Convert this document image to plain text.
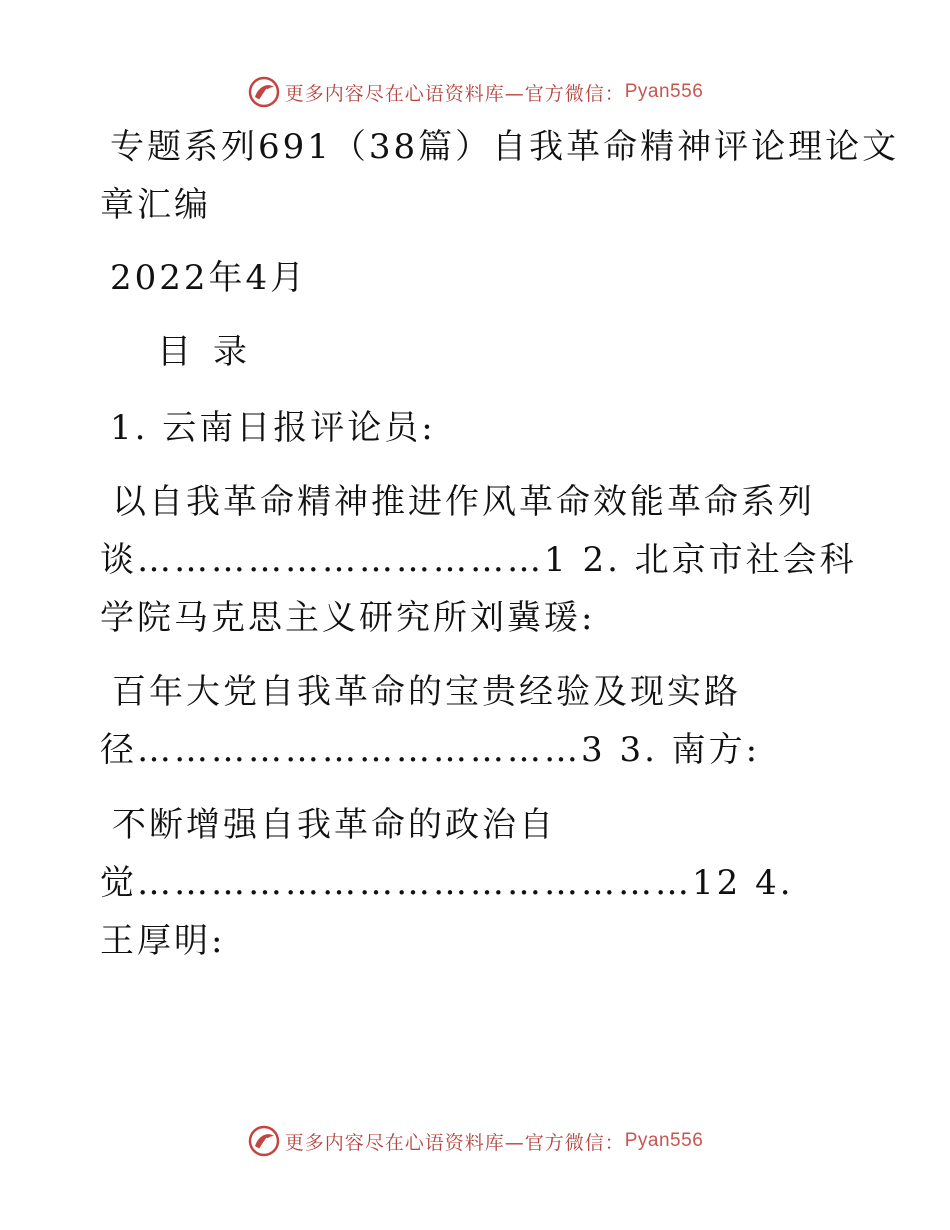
更多内容尽在心语资料库—官方微信： Pyan556
专题系列691（38篇）自我革命精神评论理论文
章汇编
2022年4月
目录
1. 云南日报评论员:
以自我革命精神推进作风革命效能革命系列
谈……………………………1 2. 北京市社会科
学院马克思主义研究所刘冀瑗:
百年大党自我革命的宝贵经验及现实路
径………………………………3 3. 南方:
不断增强自我革命的政治自
觉………………………………………12 4.
王厚明:
更多内容尽在心语资料库—官方微信： Pyan556
